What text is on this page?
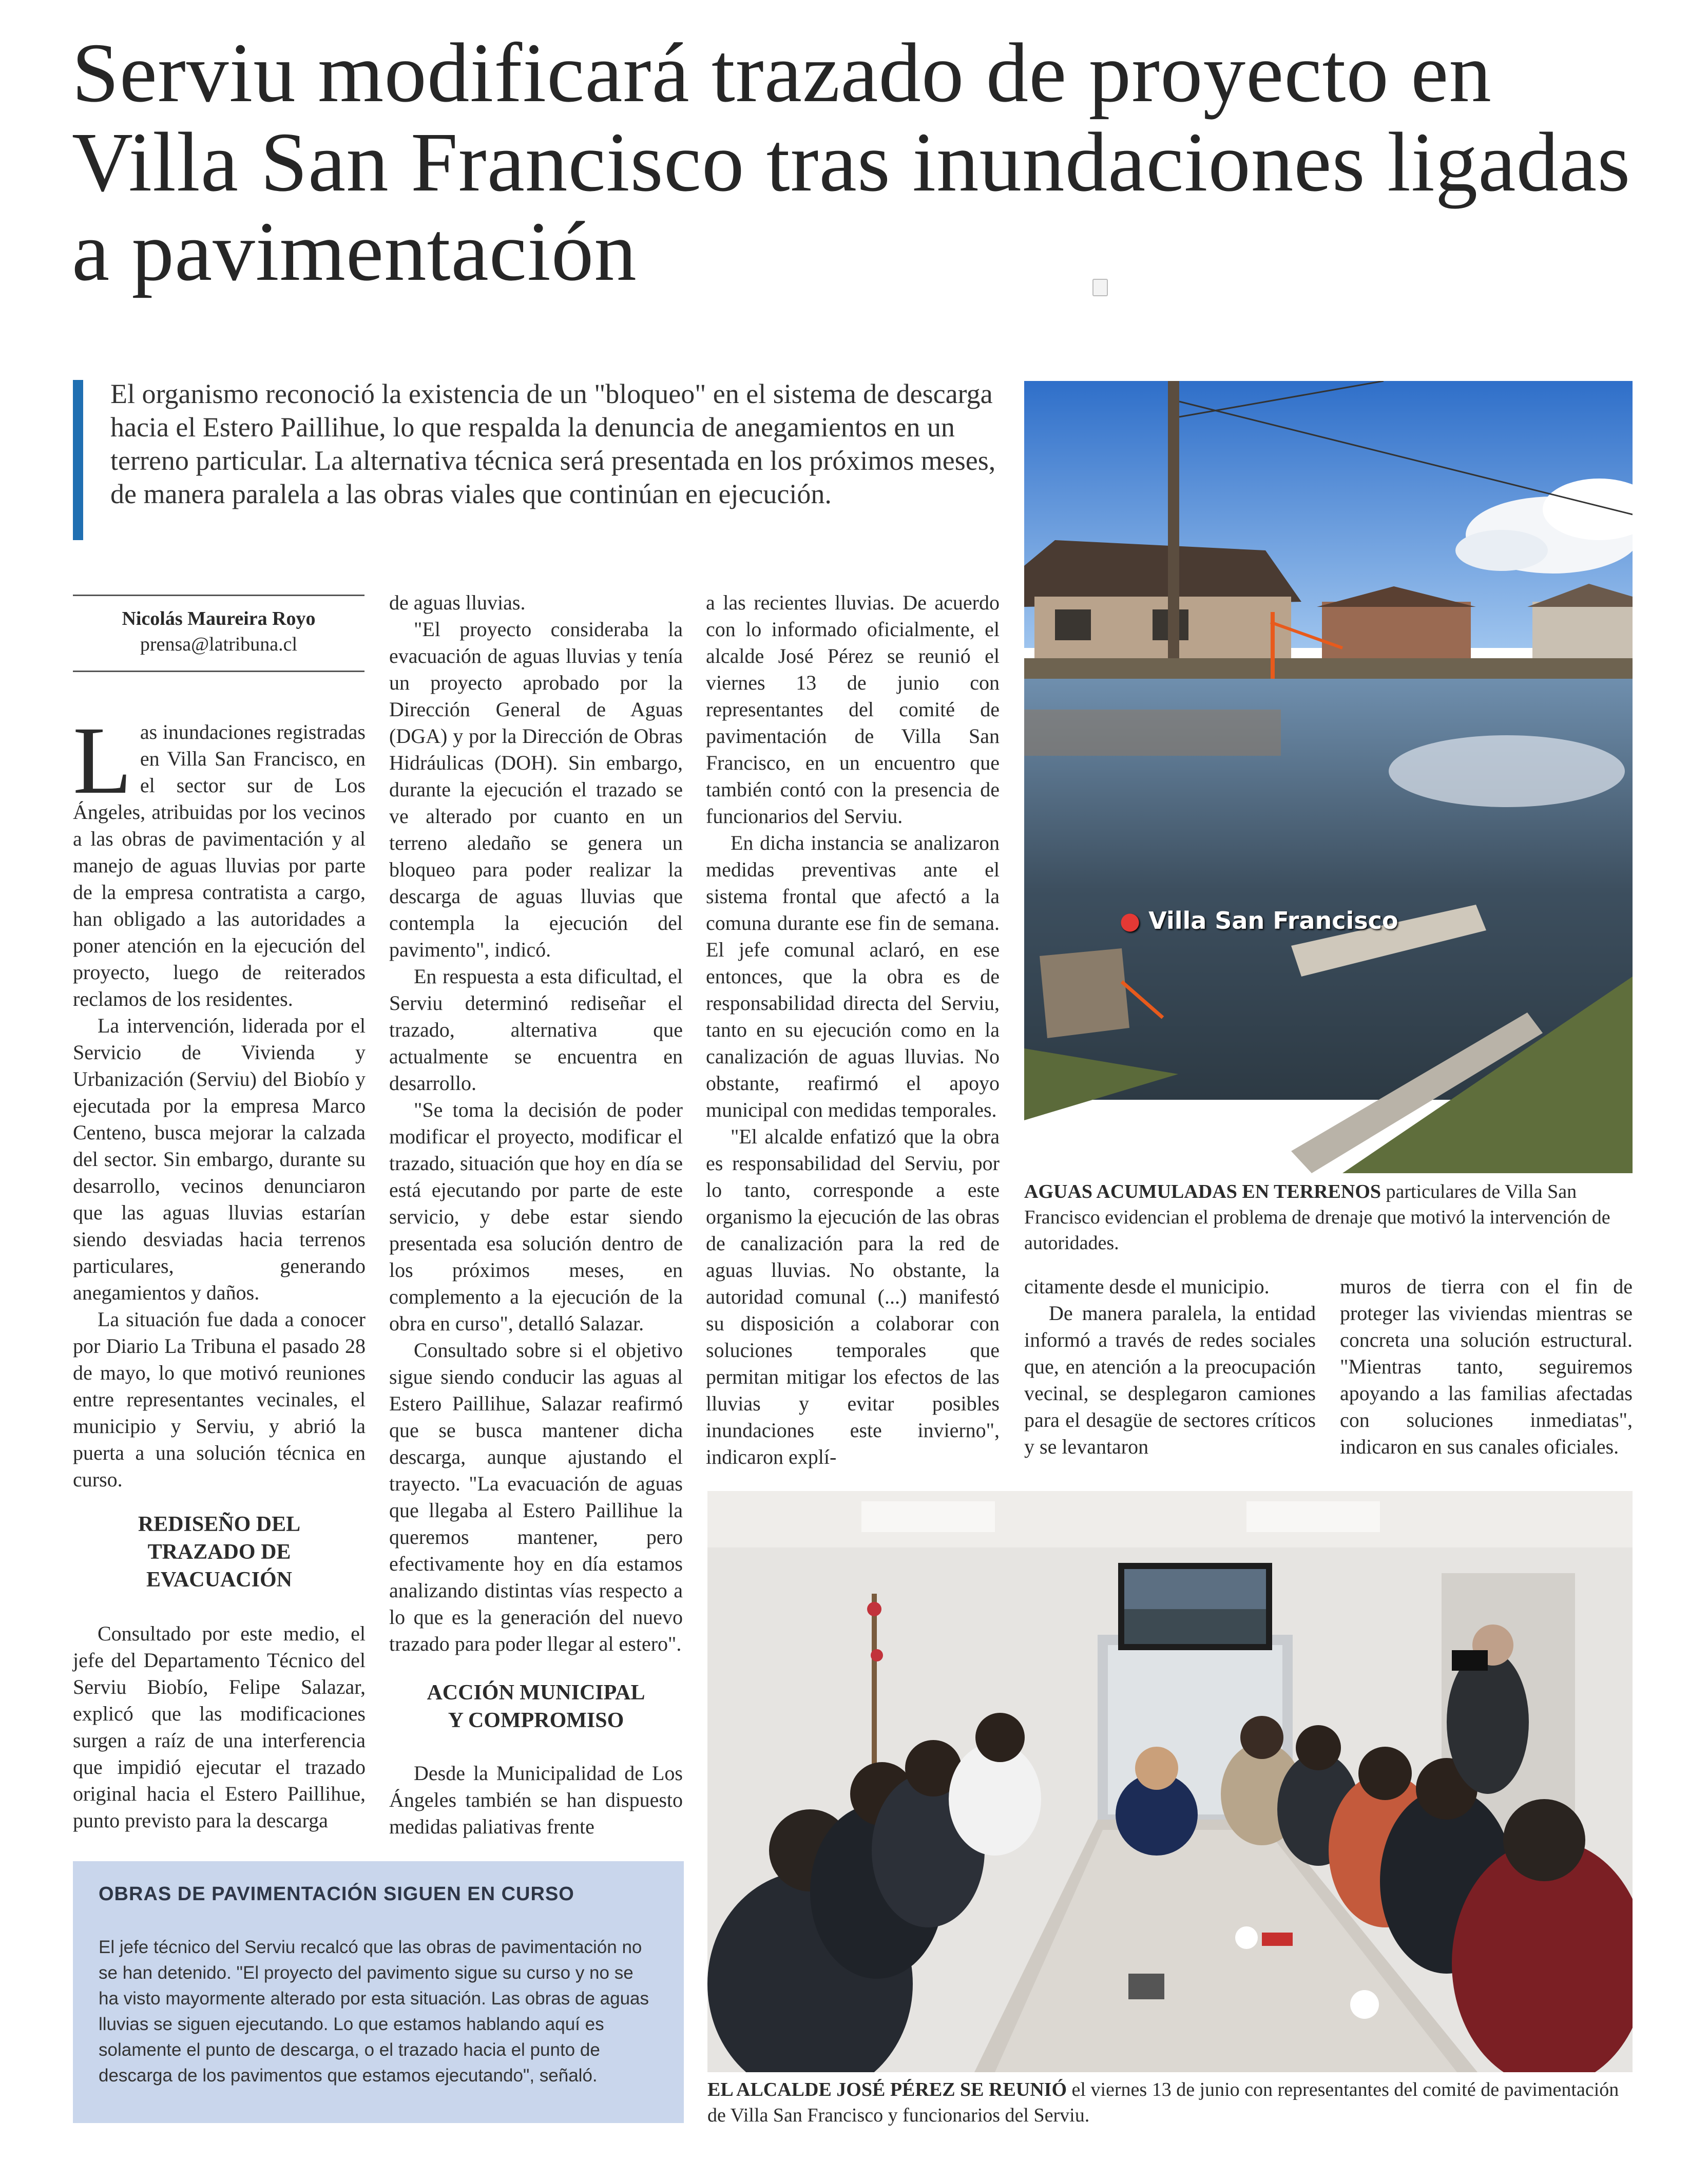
Serviu modificará trazado de proyecto en Villa San Francisco tras inundaciones ligadas a pavimentación
El organismo reconoció la existencia de un "bloqueo" en el sistema de descarga hacia el Estero Paillihue, lo que respalda la denuncia de anegamientos en un terreno particular. La alternativa técnica será presentada en los próximos meses, de manera paralela a las obras viales que continúan en ejecución.
Nicolás Maureira Royo
prensa@latribuna.cl

Las inundaciones registradas en Villa San Francisco, en el sector sur de Los Ángeles, atribuidas por los vecinos a las obras de pavimentación y al manejo de aguas lluvias por parte de la empresa contratista a cargo, han obligado a las autoridades a poner atención en la ejecución del proyecto, luego de reiterados reclamos de los residentes.

La intervención, liderada por el Servicio de Vivienda y Urbanización (Serviu) del Biobío y ejecutada por la empresa Marco Centeno, busca mejorar la calzada del sector. Sin embargo, durante su desarrollo, vecinos denunciaron que las aguas lluvias estarían siendo desviadas hacia terrenos particulares, generando anegamientos y daños.

La situación fue dada a conocer por Diario La Tribuna el pasado 28 de mayo, lo que motivó reuniones entre representantes vecinales, el municipio y Serviu, y abrió la puerta a una solución técnica en curso.

REDISEÑO DEL TRAZADO DE EVACUACIÓN

Consultado por este medio, el jefe del Departamento Técnico del Serviu Biobío, Felipe Salazar, explicó que las modificaciones surgen a raíz de una interferencia que impidió ejecutar el trazado original hacia el Estero Paillihue, punto previsto para la descarga

de aguas lluvias.

"El proyecto consideraba la evacuación de aguas lluvias y tenía un proyecto aprobado por la Dirección General de Aguas (DGA) y por la Dirección de Obras Hidráulicas (DOH). Sin embargo, durante la ejecución el trazado se ve alterado por cuanto en un terreno aledaño se genera un bloqueo para poder realizar la descarga de aguas lluvias que contempla la ejecución del pavimento", indicó.

En respuesta a esta dificultad, el Serviu determinó rediseñar el trazado, alternativa que actualmente se encuentra en desarrollo.

"Se toma la decisión de poder modificar el proyecto, modificar el trazado, situación que hoy en día se está ejecutando por parte de este servicio, y debe estar siendo presentada esa solución dentro de los próximos meses, en complemento a la ejecución de la obra en curso", detalló Salazar.

Consultado sobre si el objetivo sigue siendo conducir las aguas al Estero Paillihue, Salazar reafirmó que se busca mantener dicha descarga, aunque ajustando el trayecto. "La evacuación de aguas que llegaba al Estero Paillihue la queremos mantener, pero efectivamente hoy en día estamos analizando distintas vías respecto a lo que es la generación del nuevo trazado para poder llegar al estero".

ACCIÓN MUNICIPAL Y COMPROMISO

Desde la Municipalidad de Los Ángeles también se han dispuesto medidas paliativas frente

a las recientes lluvias. De acuerdo con lo informado oficialmente, el alcalde José Pérez se reunió el viernes 13 de junio con representantes del comité de pavimentación de Villa San Francisco, en un encuentro que también contó con la presencia de funcionarios del Serviu.

En dicha instancia se analizaron medidas preventivas ante el sistema frontal que afectó a la comuna durante ese fin de semana. El jefe comunal aclaró, en ese entonces, que la obra es de responsabilidad directa del Serviu, tanto en su ejecución como en la canalización de aguas lluvias. No obstante, reafirmó el apoyo municipal con medidas temporales.

"El alcalde enfatizó que la obra es responsabilidad del Serviu, por lo tanto, corresponde a este organismo la ejecución de las obras de canalización para la red de aguas lluvias. No obstante, la autoridad comunal (...) manifestó su disposición a colaborar con soluciones temporales que permitan mitigar los efectos de las lluvias y evitar posibles inundaciones este invierno", indicaron explí-

● Villa San Francisco
AGUAS ACUMULADAS EN TERRENOS particulares de Villa San Francisco evidencian el problema de drenaje que motivó la intervención de autoridades.

citamente desde el municipio.

De manera paralela, la entidad informó a través de redes sociales que, en atención a la preocupación vecinal, se desplegaron camiones para el desagüe de sectores críticos y se levantaron

muros de tierra con el fin de proteger las viviendas mientras se concreta una solución estructural. "Mientras tanto, seguiremos apoyando a las familias afectadas con soluciones inmediatas", indicaron en sus canales oficiales.

EL ALCALDE JOSÉ PÉREZ SE REUNIÓ el viernes 13 de junio con representantes del comité de pavimentación de Villa San Francisco y funcionarios del Serviu.
OBRAS DE PAVIMENTACIÓN SIGUEN EN CURSO
El jefe técnico del Serviu recalcó que las obras de pavimentación no se han detenido. "El proyecto del pavimento sigue su curso y no se ha visto mayormente alterado por esta situación. Las obras de aguas lluvias se siguen ejecutando. Lo que estamos hablando aquí es solamente el punto de descarga, o el trazado hacia el punto de descarga de los pavimentos que estamos ejecutando", señaló.
